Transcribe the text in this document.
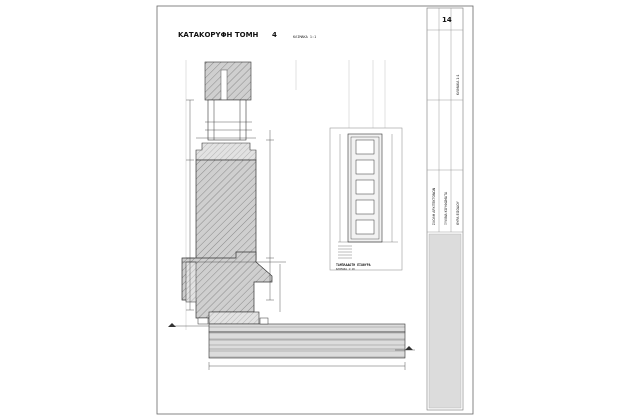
ΚΑΤΑΚΟΡΥΦΗ ΤΟΜΗ 4	ΚΛΙΜΑΚΑ 1:1
ΤΑΜΠΛΑΔΩΤΗ ΕΞΩΘΥΡΑ
ΚΛΙΜΑΚΑ 1:10
14
ΣΧΟΛΗ ΑΡΧΙΤΕΚΤΟΝΩΝ	ΞΥΛΙΝΑ ΚΟΥΦΩΜΑΤΑ	ΘΥΡΑ ΕΙΣΟΔΟΥ
ΚΛΙΜΑΚΑ 1:1
